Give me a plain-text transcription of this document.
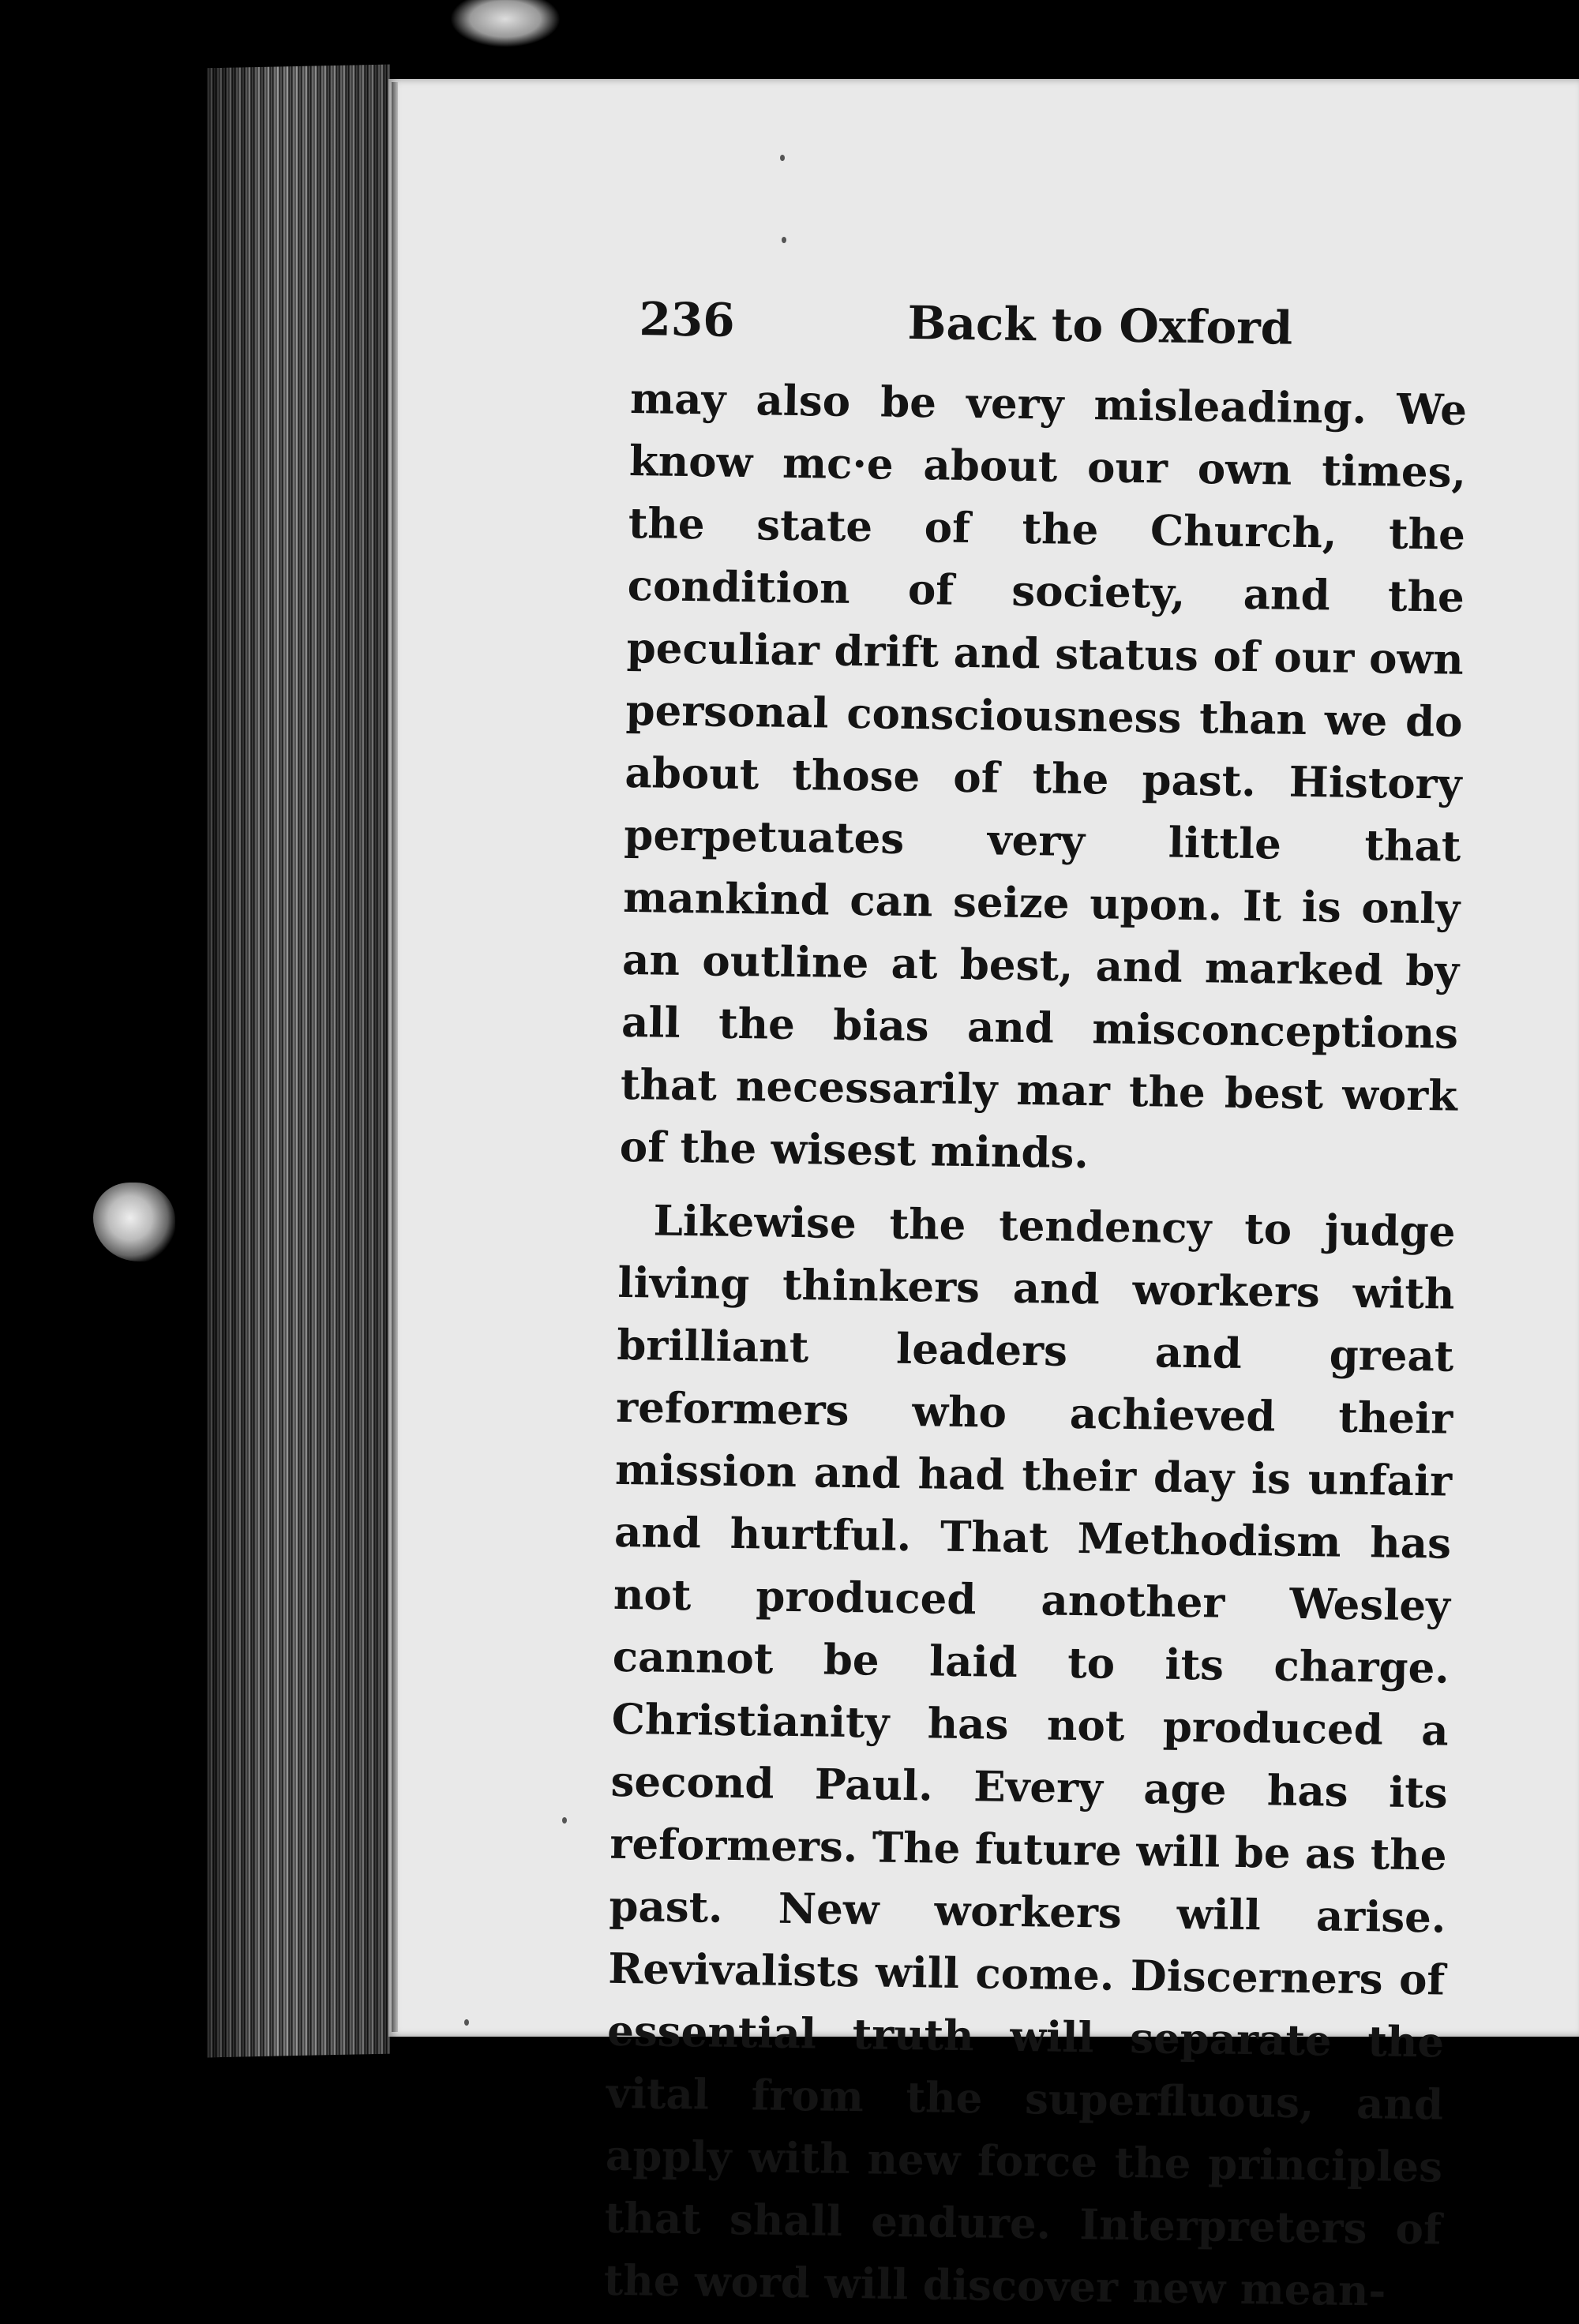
236	Back to Oxford

may also be very misleading. We know mc·e about our own times, the state of the Church, the condition of society, and the peculiar drift and status of our own personal consciousness than we do about those of the past. History perpetuates very little that mankind can seize upon. It is only an outline at best, and marked by all the bias and misconceptions that necessarily mar the best work of the wisest minds.

Likewise the tendency to judge living thinkers and workers with brilliant leaders and great reformers who achieved their mission and had their day is unfair and hurtful. That Methodism has not produced another Wesley cannot be laid to its charge. Christianity has not produced a second Paul. Every age has its reformers. The future will be as the past. New workers will arise. Revivalists will come. Discerners of essential truth will separate the vital from the superfluous, and apply with new force the principles that shall endure. Interpreters of the word will discover new mean-
